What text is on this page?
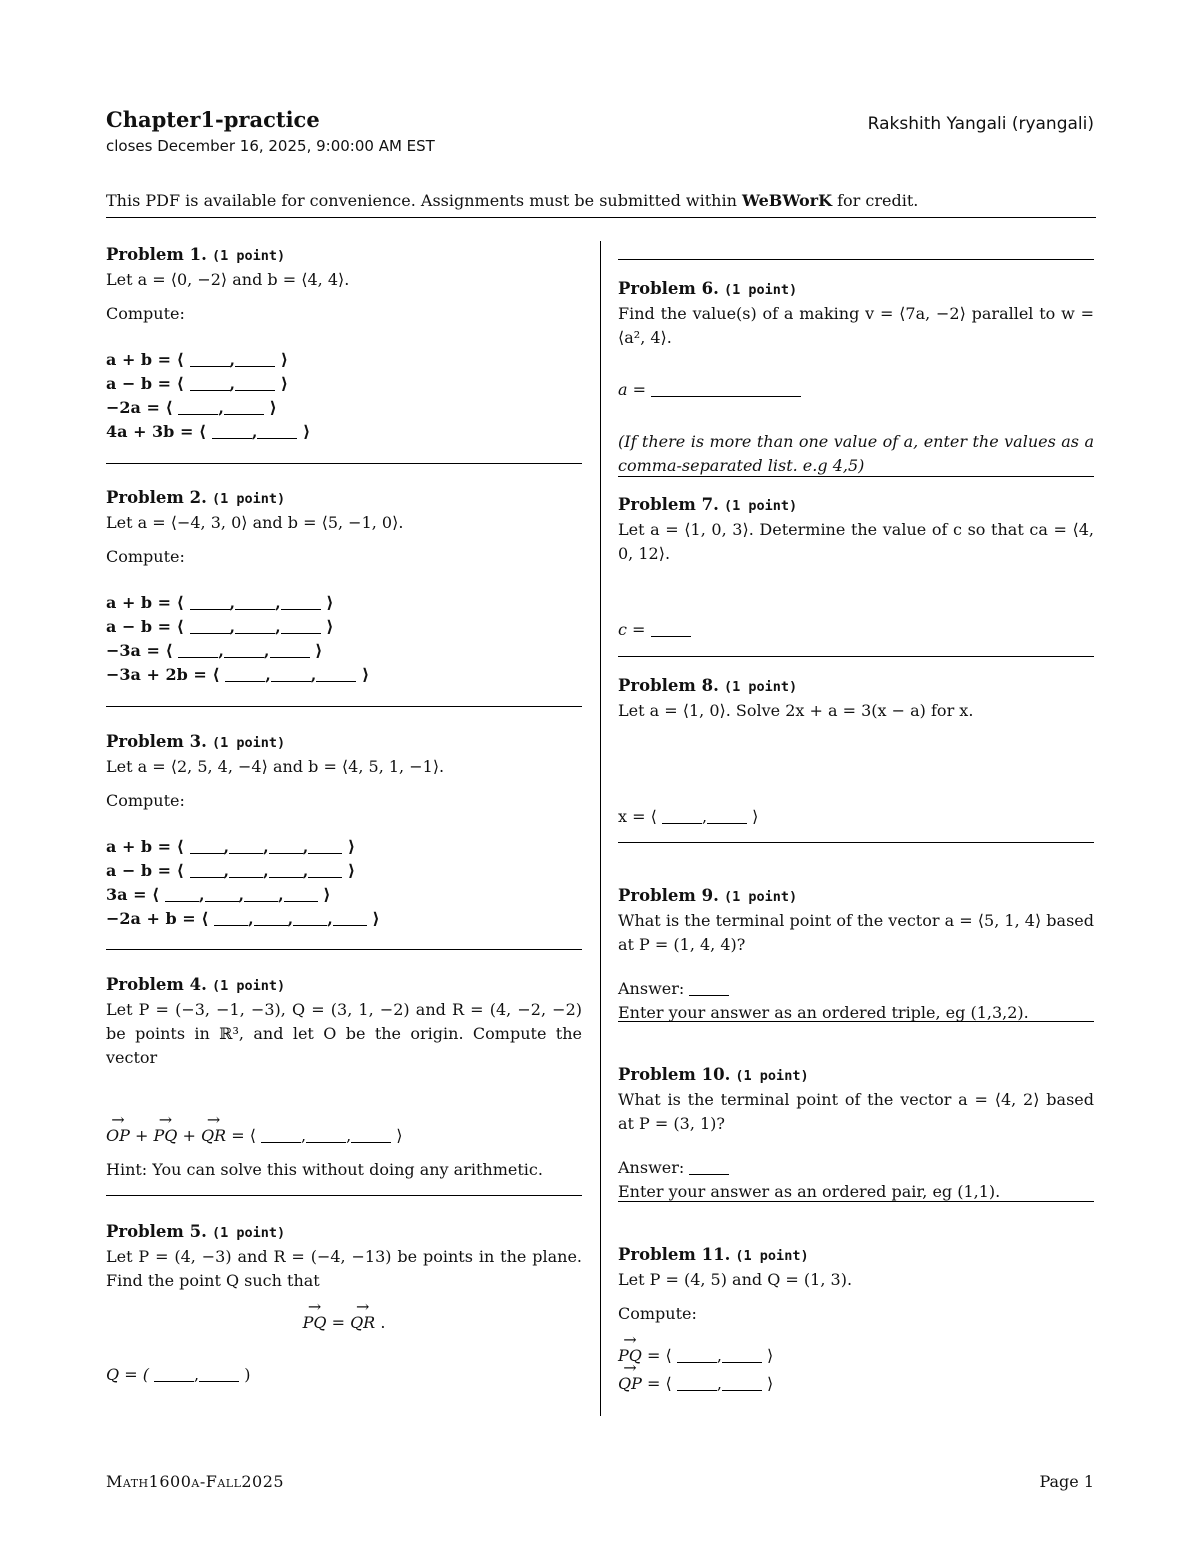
Chapter1-practice
closes December 16, 2025, 9:00:00 AM EST
Rakshith Yangali (ryangali)
This PDF is available for convenience. Assignments must be submitted within WeBWorK for credit.

Problem 1. (1 point)

Let a = ⟨0, −2⟩ and b = ⟨4, 4⟩.

Compute:

a + b = ⟨	,	⟩

a − b = ⟨	,	⟩

−2a = ⟨	,	⟩

4a + 3b = ⟨	,	⟩

Problem 2. (1 point)

Let a = ⟨−4, 3, 0⟩ and b = ⟨5, −1, 0⟩.

Compute:

a + b = ⟨	,	,	⟩

a − b = ⟨	,	,	⟩

−3a = ⟨	,	,	⟩

−3a + 2b = ⟨	,	,	⟩

Problem 3. (1 point)

Let a = ⟨2, 5, 4, −4⟩ and b = ⟨4, 5, 1, −1⟩.

Compute:

a + b = ⟨ , , , ⟩

a − b = ⟨ , , , ⟩

3a = ⟨ , , , ⟩

−2a + b = ⟨ , , , ⟩

Problem 4. (1 point)

Let P = (−3, −1, −3), Q = (3, 1, −2) and R = (4, −2, −2) be points in ℝ³, and let O be the origin. Compute the vector

→ OP + → PQ + → QR = ⟨	,	,	⟩

Hint: You can solve this without doing any arithmetic.

Problem 5. (1 point)

Let P = (4, −3) and R = (−4, −13) be points in the plane. Find the point Q such that

→ PQ = → QR .

Q = (	,	)

Problem 6. (1 point)

Find the value(s) of a making v = ⟨7a, −2⟩ parallel to w = ⟨a², 4⟩.

a =

(If there is more than one value of a, enter the values as a comma-separated list. e.g 4,5)

Problem 7. (1 point)

Let a = ⟨1, 0, 3⟩. Determine the value of c so that ca = ⟨4, 0, 12⟩.

c =

Problem 8. (1 point)

Let a = ⟨1, 0⟩. Solve 2x + a = 3(x − a) for x.

x = ⟨	,	⟩

Problem 9. (1 point)

What is the terminal point of the vector a = ⟨5, 1, 4⟩ based at P = (1, 4, 4)?

Answer:

Enter your answer as an ordered triple, eg (1,3,2).

Problem 10. (1 point)

What is the terminal point of the vector a = ⟨4, 2⟩ based at P = (3, 1)?

Answer:

Enter your answer as an ordered pair, eg (1,1).

Problem 11. (1 point)

Let P = (4, 5) and Q = (1, 3).

Compute:

→ PQ = ⟨	,	⟩

→ QP = ⟨	,	⟩

Math1600a-Fall2025	Page 1
